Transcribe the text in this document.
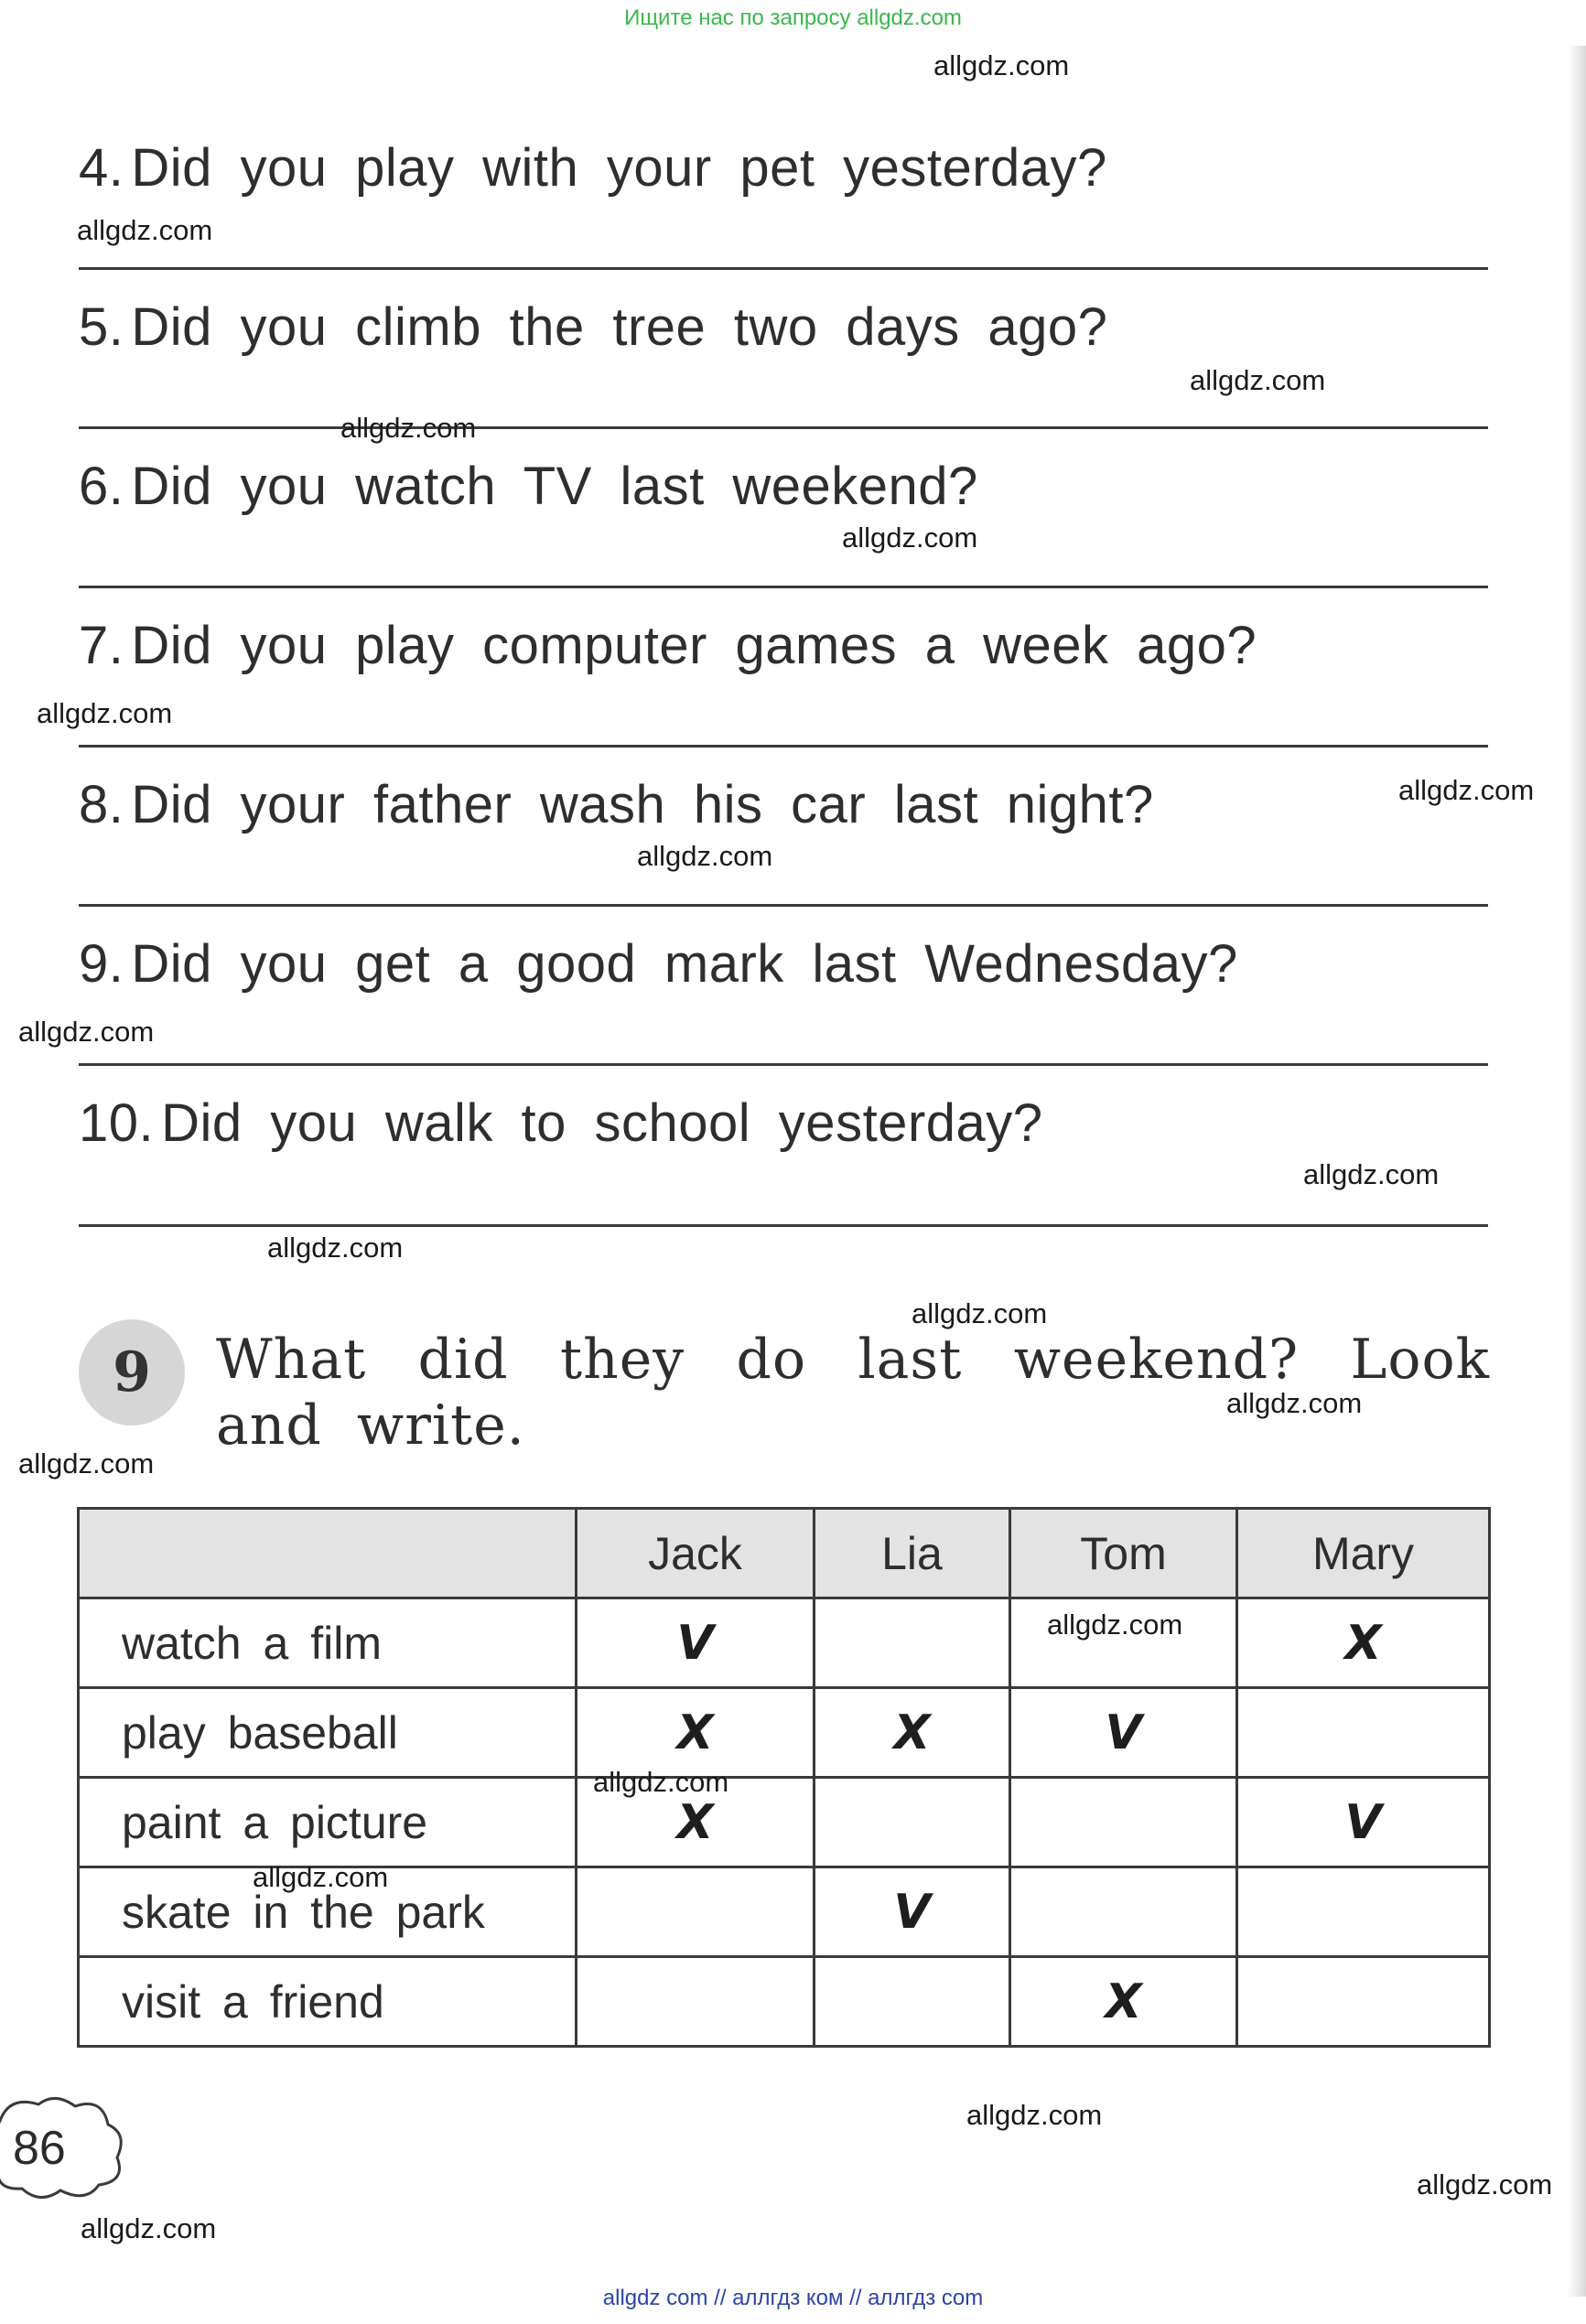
Ищите нас по запросу allgdz.com
4. Did you play with your pet yesterday?
5. Did you climb the tree two days ago?
6. Did you watch TV last weekend?
7. Did you play computer games a week ago?
8. Did your father wash his car last night?
9. Did you get a good mark last Wednesday?
10. Did you walk to school yesterday?
9	What did they do last weekend? Look and write.
	Jack	Lia	Tom	Mary
watch a film	V			X
play baseball	X	X	V	
paint a picture	X			V
skate in the park		V		
visit a friend			X	
86
allgdz.com
allgdz.com
allgdz.com
allgdz.com
allgdz.com
allgdz.com
allgdz.com
allgdz.com
allgdz.com
allgdz.com
allgdz.com
allgdz.com
allgdz.com
allgdz.com
allgdz.com
allgdz.com
allgdz.com
allgdz.com
allgdz.com
allgdz.com
allgdz com // аллгдз ком // аллгдз com
